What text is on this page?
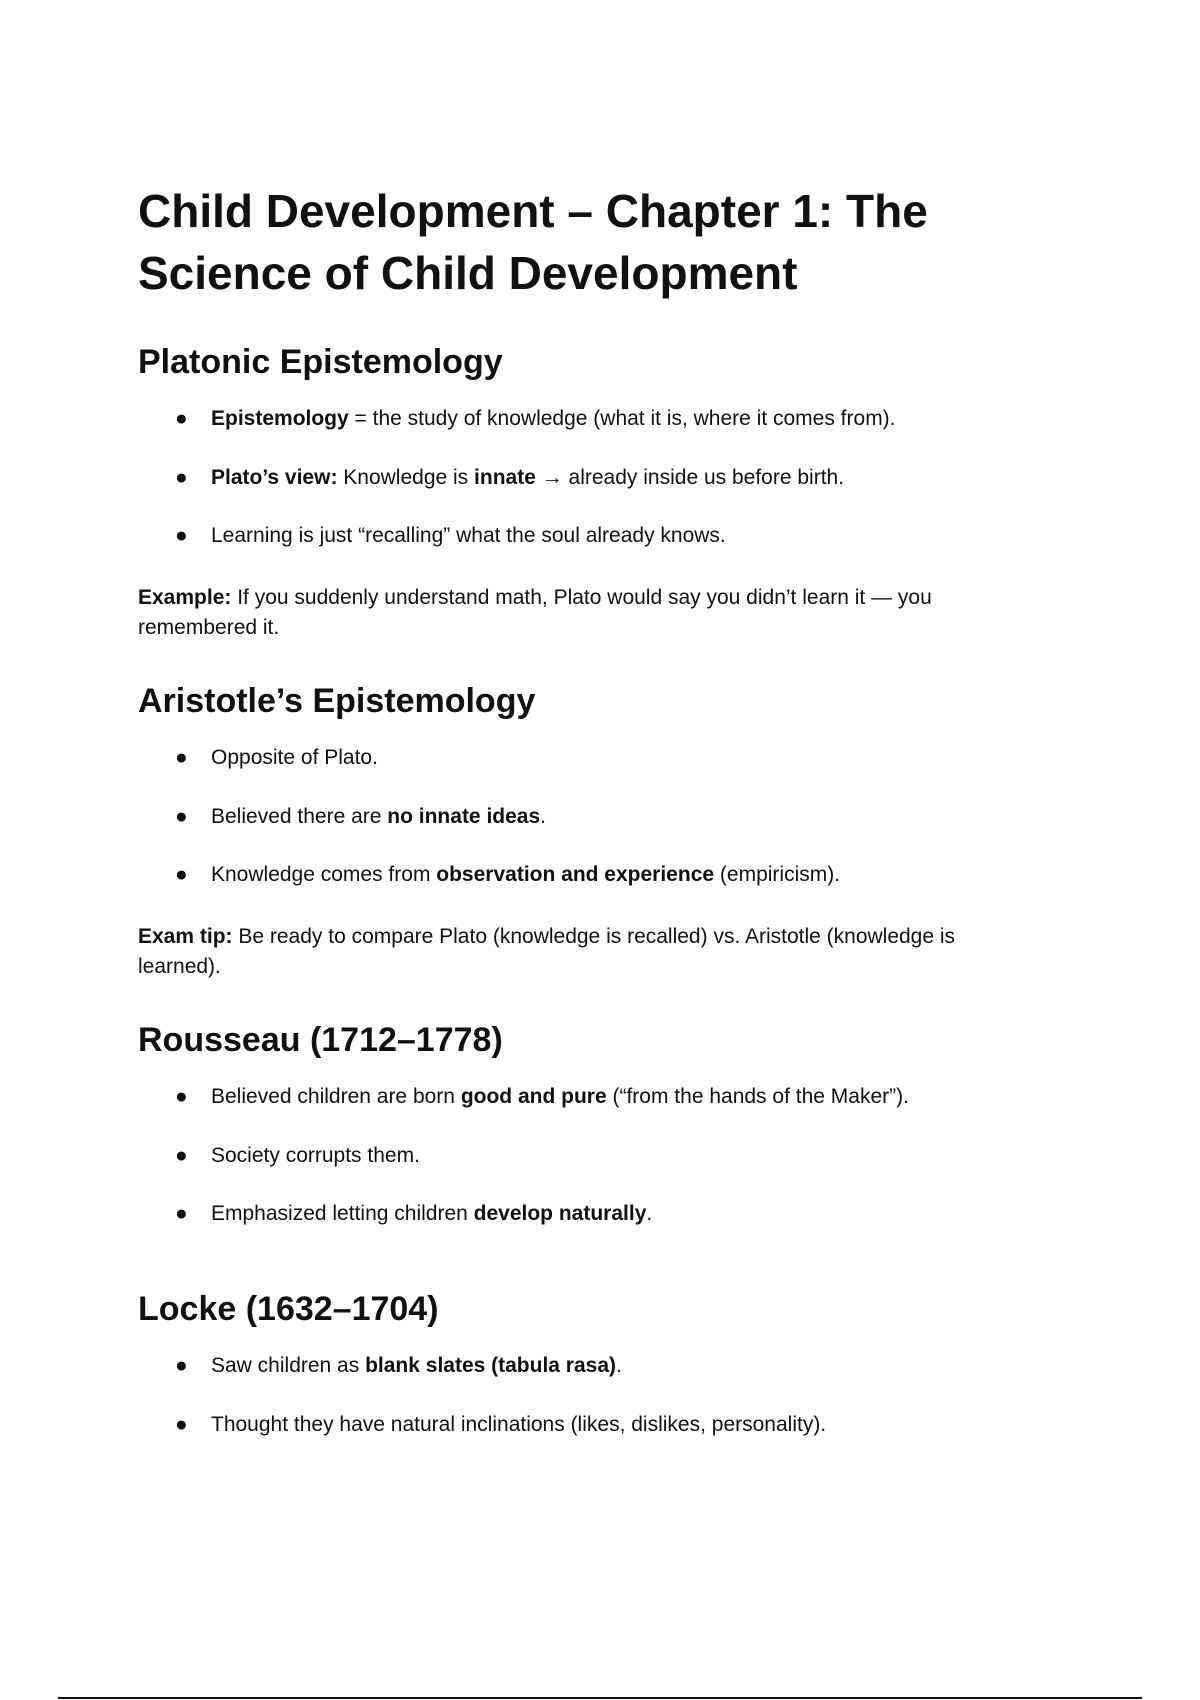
Child Development – Chapter 1: The Science of Child Development
Platonic Epistemology
● Epistemology = the study of knowledge (what it is, where it comes from).
● Plato’s view: Knowledge is innate → already inside us before birth.
● Learning is just “recalling” what the soul already knows.

Example: If you suddenly understand math, Plato would say you didn’t learn it — you remembered it.

Aristotle’s Epistemology
● Opposite of Plato.
● Believed there are no innate ideas.
● Knowledge comes from observation and experience (empiricism).

Exam tip: Be ready to compare Plato (knowledge is recalled) vs. Aristotle (knowledge is learned).

Rousseau (1712–1778)
● Believed children are born good and pure (“from the hands of the Maker”).
● Society corrupts them.
● Emphasized letting children develop naturally.
Locke (1632–1704)
● Saw children as blank slates (tabula rasa).
● Thought they have natural inclinations (likes, dislikes, personality).
